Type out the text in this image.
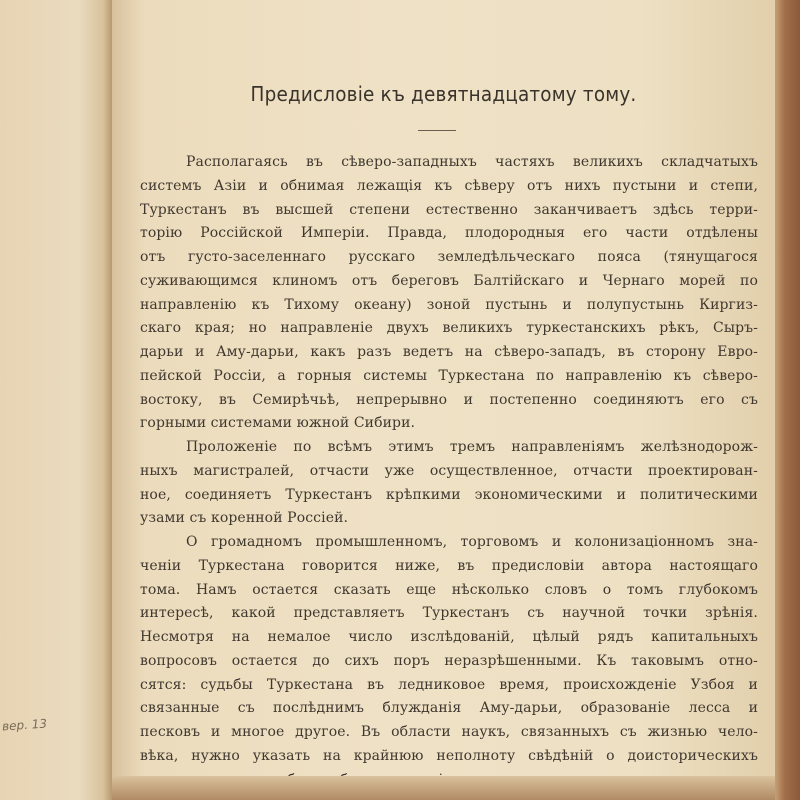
вер. 13
Предисловіе къ девятнадцатому тому.
Располагаясь въ сѣверо-западныхъ частяхъ великихъ складчатыхъ
системъ Азіи и обнимая лежащія къ сѣверу отъ нихъ пустыни и степи,
Туркестанъ въ высшей степени естественно заканчиваетъ здѣсь терри-
торію Россійской Имперіи. Правда, плодородныя его части отдѣлены
отъ густо-заселеннаго русскаго земледѣльческаго пояса (тянущагося
суживающимся клиномъ отъ береговъ Балтійскаго и Чернаго морей по
направленію къ Тихому океану) зоной пустынь и полупустынь Киргиз-
скаго края; но направленіе двухъ великихъ туркестанскихъ рѣкъ, Сыръ-
дарьи и Аму-дарьи, какъ разъ ведетъ на сѣверо-западъ, въ сторону Евро-
пейской Россіи, а горныя системы Туркестана по направленію къ сѣверо-
востоку, въ Семирѣчьѣ, непрерывно и постепенно соединяютъ его съ
горными системами южной Сибири.
Проложеніе по всѣмъ этимъ тремъ направленіямъ желѣзнодорож-
ныхъ магистралей, отчасти уже осуществленное, отчасти проектирован-
ное, соединяетъ Туркестанъ крѣпкими экономическими и политическими
узами съ коренной Россіей.
О громадномъ промышленномъ, торговомъ и колонизаціонномъ зна-
ченіи Туркестана говорится ниже, въ предисловіи автора настоящаго
тома. Намъ остается сказать еще нѣсколько словъ о томъ глубокомъ
интересѣ, какой представляетъ Туркестанъ съ научной точки зрѣнія.
Несмотря на немалое число изслѣдованій, цѣлый рядъ капитальныхъ
вопросовъ остается до сихъ поръ неразрѣшенными. Къ таковымъ отно-
сятся: судьбы Туркестана въ ледниковое время, происхожденіе Узбоя и
связанные съ послѣднимъ блужданія Аму-дарьи, образованіе лесса и
песковъ и многое другое. Въ области наукъ, связанныхъ съ жизнью чело-
вѣка, нужно указать на крайнюю неполноту свѣдѣній о доисторическихъ
